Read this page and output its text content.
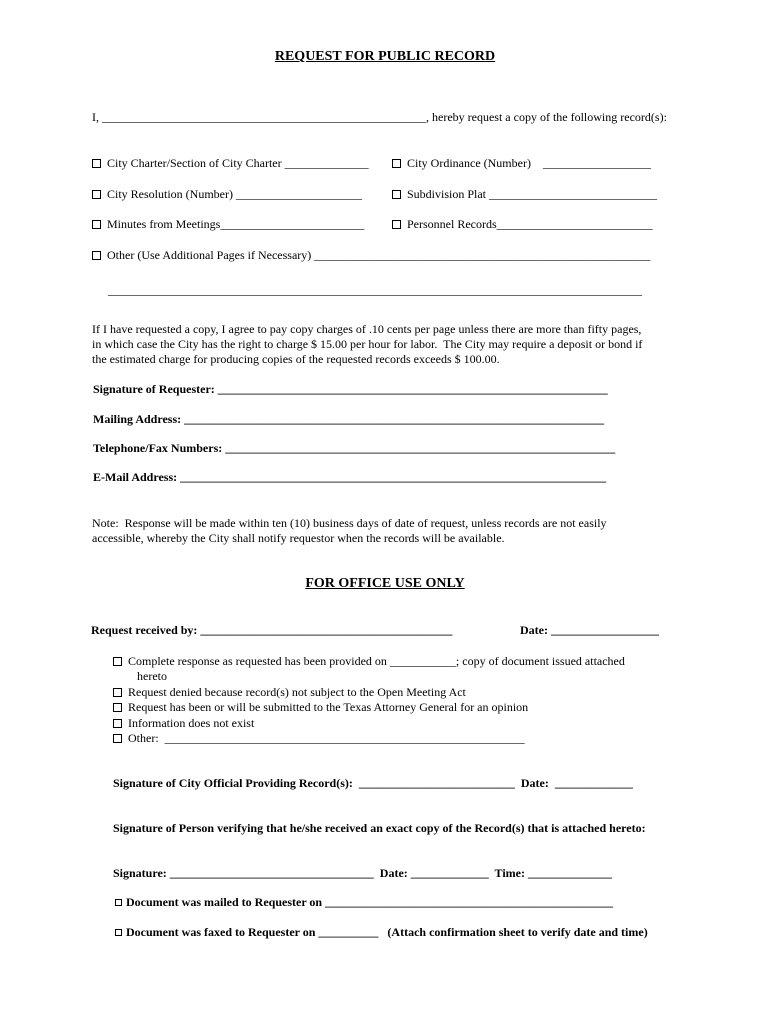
REQUEST FOR PUBLIC RECORD
I, ______________________________________________________, hereby request a copy of the following record(s):
City Charter/Section of City Charter ______________	City Ordinance (Number)    __________________
City Resolution (Number) _____________________	Subdivision Plat ____________________________
Minutes from Meetings________________________	Personnel Records__________________________
Other (Use Additional Pages if Necessary) ________________________________________________________
_________________________________________________________________________________________
If I have requested a copy, I agree to pay copy charges of .10 cents per page unless there are more than fifty pages,
in which case the City has the right to charge $ 15.00 per hour for labor.  The City may require a deposit or bond if
the estimated charge for producing copies of the requested records exceeds $ 100.00.
Signature of Requester: _________________________________________________________________
Mailing Address: ______________________________________________________________________
Telephone/Fax Numbers: _________________________________________________________________
E-Mail Address: _______________________________________________________________________
Note:  Response will be made within ten (10) business days of date of request, unless records are not easily
accessible, whereby the City shall notify requestor when the records will be available.
FOR OFFICE USE ONLY
Request received by: __________________________________________	Date: __________________
Complete response as requested has been provided on ___________; copy of document issued attached
hereto
Request denied because record(s) not subject to the Open Meeting Act
Request has been or will be submitted to the Texas Attorney General for an opinion
Information does not exist
Other:  ____________________________________________________________
Signature of City Official Providing Record(s):  __________________________  Date:  _____________
Signature of Person verifying that he/she received an exact copy of the Record(s) that is attached hereto:
Signature: __________________________________  Date: _____________  Time: ______________
Document was mailed to Requester on ________________________________________________
Document was faxed to Requester on __________   (Attach confirmation sheet to verify date and time)
